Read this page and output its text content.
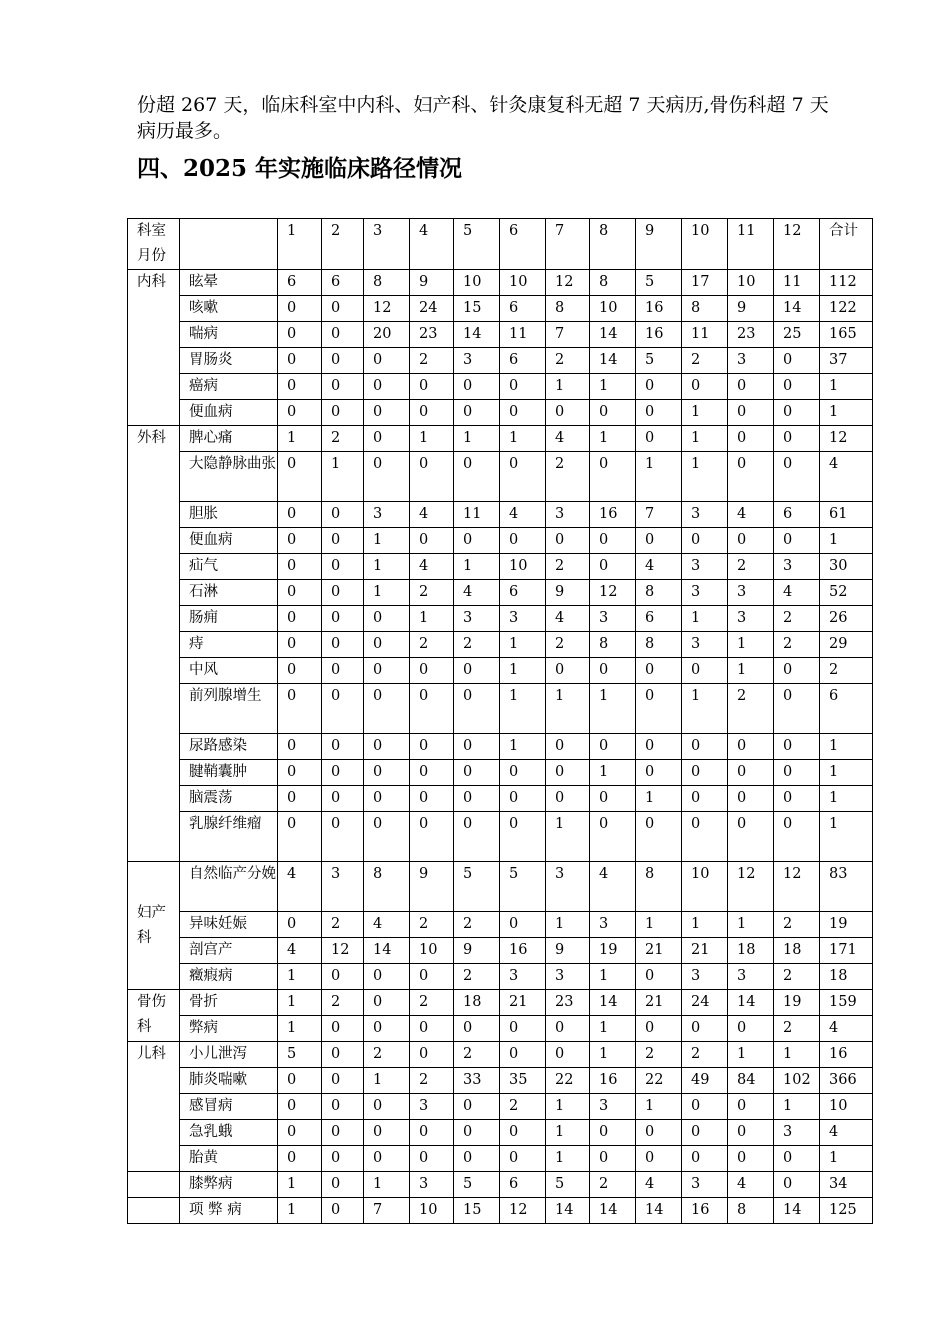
份超 267 天，临床科室中内科、妇产科、针灸康复科无超 7 天病历,骨伤科超 7 天病历最多。

四、2025 年实施临床路径情况
科室月份		1	2	3	4	5	6	7	8	9	10	11	12	合计
内科	眩晕	6	6	8	9	10	10	12	8	5	17	10	11	112
	咳嗽	0	0	12	24	15	6	8	10	16	8	9	14	122
	喘病	0	0	20	23	14	11	7	14	16	11	23	25	165
	胃肠炎	0	0	0	2	3	6	2	14	5	2	3	0	37
	癌病	0	0	0	0	0	0	1	1	0	0	0	0	1
	便血病	0	0	0	0	0	0	0	0	0	1	0	0	1
外科	脾心痛	1	2	0	1	1	1	4	1	0	1	0	0	12
	大隐静脉曲张	0	1	0	0	0	0	2	0	1	1	0	0	4
	胆胀	0	0	3	4	11	4	3	16	7	3	4	6	61
	便血病	0	0	1	0	0	0	0	0	0	0	0	0	1
	疝气	0	0	1	4	1	10	2	0	4	3	2	3	30
	石淋	0	0	1	2	4	6	9	12	8	3	3	4	52
	肠痈	0	0	0	1	3	3	4	3	6	1	3	2	26
	痔	0	0	0	2	2	1	2	8	8	3	1	2	29
	中风	0	0	0	0	0	1	0	0	0	0	1	0	2
	前列腺增生	0	0	0	0	0	1	1	1	0	1	2	0	6
	尿路感染	0	0	0	0	0	1	0	0	0	0	0	0	1
	腱鞘囊肿	0	0	0	0	0	0	0	1	0	0	0	0	1
	脑震荡	0	0	0	0	0	0	0	0	1	0	0	0	1
	乳腺纤维瘤	0	0	0	0	0	0	1	0	0	0	0	0	1
妇产科	自然临产分娩	4	3	8	9	5	5	3	4	8	10	12	12	83
	异味妊娠	0	2	4	2	2	0	1	3	1	1	1	2	19
	剖宫产	4	12	14	10	9	16	9	19	21	21	18	18	171
	癥瘕病	1	0	0	0	2	3	3	1	0	3	3	2	18
骨伤科	骨折	1	2	0	2	18	21	23	14	21	24	14	19	159
	弊病	1	0	0	0	0	0	0	1	0	0	0	2	4
儿科	小儿泄泻	5	0	2	0	2	0	0	1	2	2	1	1	16
	肺炎喘嗽	0	0	1	2	33	35	22	16	22	49	84	102	366
	感冒病	0	0	0	3	0	2	1	3	1	0	0	1	10
	急乳蛾	0	0	0	0	0	0	1	0	0	0	0	3	4
	胎黄	0	0	0	0	0	0	1	0	0	0	0	0	1
	膝弊病	1	0	1	3	5	6	5	2	4	3	4	0	34
	项 弊 病	1	0	7	10	15	12	14	14	14	16	8	14	125
